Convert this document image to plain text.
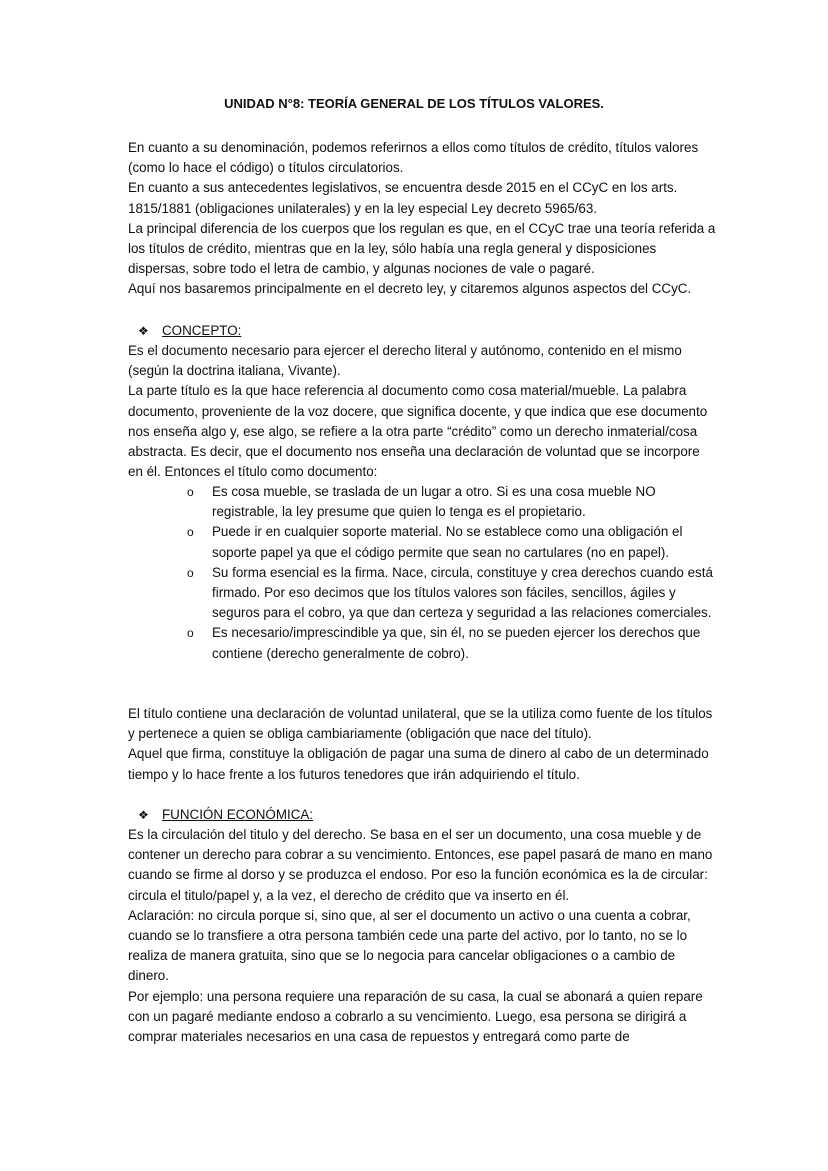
UNIDAD N°8: TEORÍA GENERAL DE LOS TÍTULOS VALORES.

En cuanto a su denominación, podemos referirnos a ellos como títulos de crédito, títulos valores (como lo hace el código) o títulos circulatorios.

En cuanto a sus antecedentes legislativos, se encuentra desde 2015 en el CCyC en los arts. 1815/1881 (obligaciones unilaterales) y en la ley especial Ley decreto 5965/63.

La principal diferencia de los cuerpos que los regulan es que, en el CCyC trae una teoría referida a los títulos de crédito, mientras que en la ley, sólo había una regla general y disposiciones dispersas, sobre todo el letra de cambio, y algunas nociones de vale o pagaré.

Aquí nos basaremos principalmente en el decreto ley, y citaremos algunos aspectos del CCyC.

❖ CONCEPTO:

Es el documento necesario para ejercer el derecho literal y autónomo, contenido en el mismo (según la doctrina italiana, Vivante).

La parte título es la que hace referencia al documento como cosa material/mueble. La palabra documento, proveniente de la voz docere, que significa docente, y que indica que ese documento nos enseña algo y, ese algo, se refiere a la otra parte “crédito” como un derecho inmaterial/cosa abstracta. Es decir, que el documento nos enseña una declaración de voluntad que se incorpore en él. Entonces el título como documento:

o Es cosa mueble, se traslada de un lugar a otro. Si es una cosa mueble NO registrable, la ley presume que quien lo tenga es el propietario.
o Puede ir en cualquier soporte material. No se establece como una obligación el soporte papel ya que el código permite que sean no cartulares (no en papel).
o Su forma esencial es la firma. Nace, circula, constituye y crea derechos cuando está firmado. Por eso decimos que los títulos valores son fáciles, sencillos, ágiles y seguros para el cobro, ya que dan certeza y seguridad a las relaciones comerciales.
o Es necesario/imprescindible ya que, sin él, no se pueden ejercer los derechos que contiene (derecho generalmente de cobro).

El título contiene una declaración de voluntad unilateral, que se la utiliza como fuente de los títulos y pertenece a quien se obliga cambiariamente (obligación que nace del título).

Aquel que firma, constituye la obligación de pagar una suma de dinero al cabo de un determinado tiempo y lo hace frente a los futuros tenedores que irán adquiriendo el título.

❖ FUNCIÓN ECONÓMICA:

Es la circulación del titulo y del derecho. Se basa en el ser un documento, una cosa mueble y de contener un derecho para cobrar a su vencimiento. Entonces, ese papel pasará de mano en mano cuando se firme al dorso y se produzca el endoso. Por eso la función económica es la de circular: circula el titulo/papel y, a la vez, el derecho de crédito que va inserto en él.

Aclaración: no circula porque si, sino que, al ser el documento un activo o una cuenta a cobrar, cuando se lo transfiere a otra persona también cede una parte del activo, por lo tanto, no se lo realiza de manera gratuita, sino que se lo negocia para cancelar obligaciones o a cambio de dinero.

Por ejemplo: una persona requiere una reparación de su casa, la cual se abonará a quien repare con un pagaré mediante endoso a cobrarlo a su vencimiento. Luego, esa persona se dirigirá a comprar materiales necesarios en una casa de repuestos y entregará como parte de
